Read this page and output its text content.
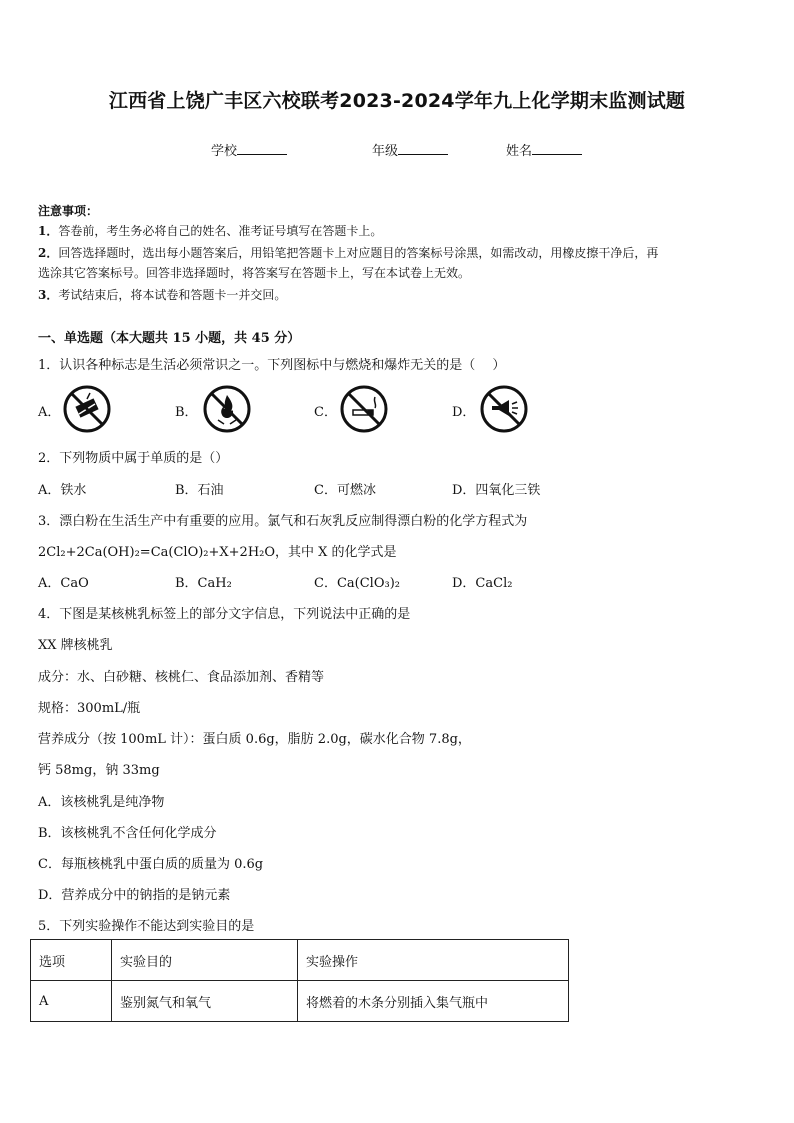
江西省上饶广丰区六校联考2023-2024学年九上化学期末监测试题
学校	年级	姓名
注意事项：
1．答卷前，考生务必将自己的姓名、准考证号填写在答题卡上。
2．回答选择题时，选出每小题答案后，用铅笔把答题卡上对应题目的答案标号涂黑，如需改动，用橡皮擦干净后，再
选涂其它答案标号。回答非选择题时，将答案写在答题卡上，写在本试卷上无效。
3．考试结束后，将本试卷和答题卡一并交回。
一、单选题（本大题共 15 小题，共 45 分）
1．认识各种标志是生活必须常识之一。下列图标中与燃烧和爆炸无关的是（　 ）
A．	B．	C．	D．
2．下列物质中属于单质的是（）
A．铁水	B．石油	C．可燃冰	D．四氧化三铁
3．漂白粉在生活生产中有重要的应用。氯气和石灰乳反应制得漂白粉的化学方程式为
2Cl₂+2Ca(OH)₂=Ca(ClO)₂+X+2H₂O，其中 X 的化学式是
A．CaO	B．CaH₂	C．Ca(ClO₃)₂	D．CaCl₂
4．下图是某核桃乳标签上的部分文字信息，下列说法中正确的是
XX 牌核桃乳
成分：水、白砂糖、核桃仁、食品添加剂、香精等
规格：300mL/瓶
营养成分（按 100mL 计）：蛋白质 0.6g，脂肪 2.0g，碳水化合物 7.8g，
钙 58mg，钠 33mg
A．该核桃乳是纯净物
B．该核桃乳不含任何化学成分
C．每瓶核桃乳中蛋白质的质量为 0.6g
D．营养成分中的钠指的是钠元素
5．下列实验操作不能达到实验目的是
选项	实验目的	实验操作
A	鉴别氮气和氧气	将燃着的木条分别插入集气瓶中
